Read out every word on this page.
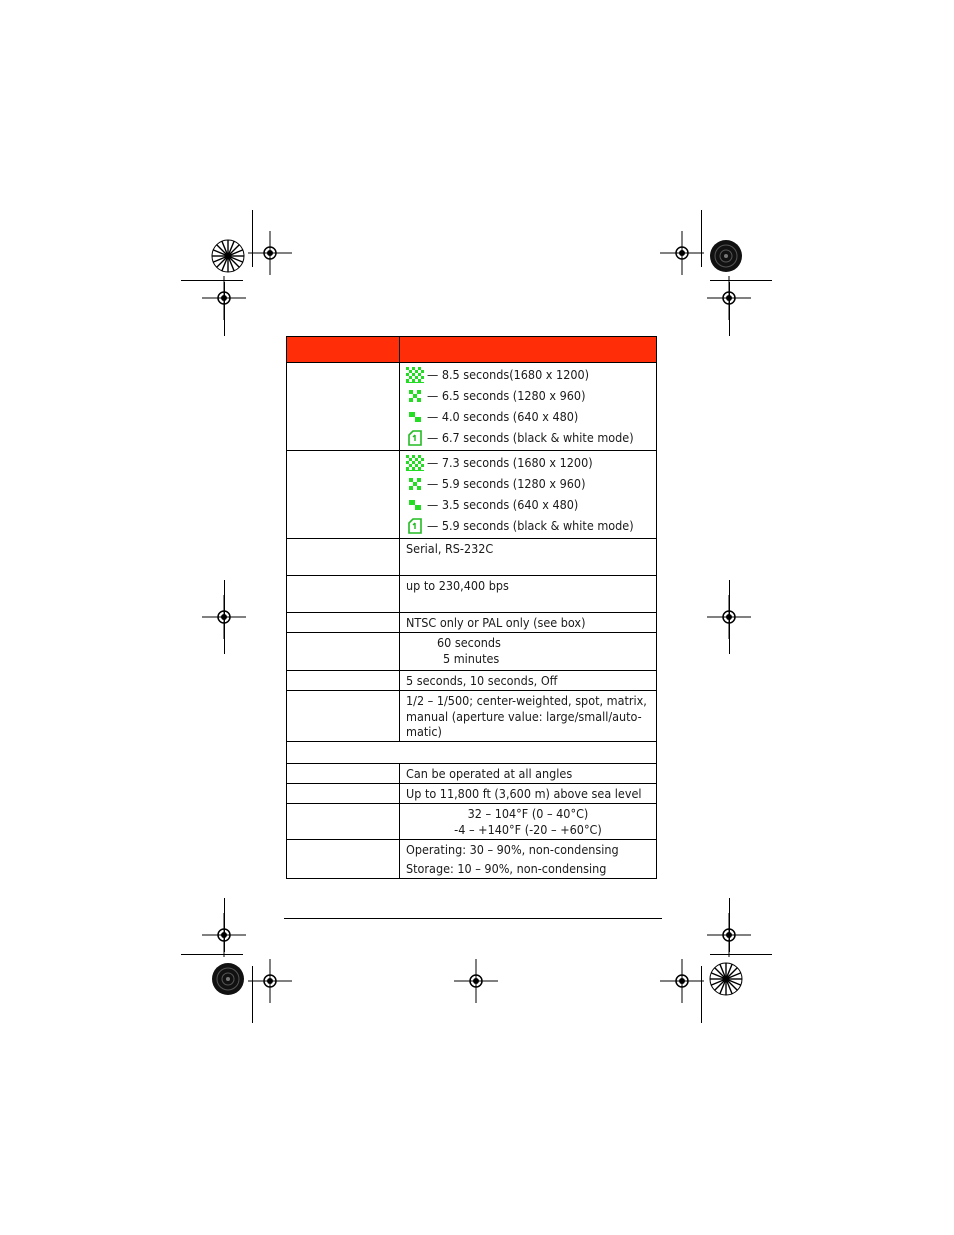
	— 8.5 seconds(1680 x 1200)
— 6.5 seconds (1280 x 960)
— 4.0 seconds (640 x 480)
— 6.7 seconds (black & white mode)

	— 7.3 seconds (1680 x 1200)
— 5.9 seconds (1280 x 960)
— 3.5 seconds (640 x 480)
— 5.9 seconds (black & white mode)

	Serial, RS-232C
	up to 230,400 bps
	NTSC only or PAL only (see box)

	60 seconds
5 minutes

	5 seconds, 10 seconds, Off
	1/2 – 1/500; center-weighted, spot, matrix, manual (aperture value: large/small/auto-matic)

	Can be operated at all angles
	Up to 11,800 ft (3,600 m) above sea level

	32 – 104°F (0 – 40°C)
-4 – +140°F (-20 – +60°C)

	Operating: 30 – 90%, non-condensing
Storage: 10 – 90%, non-condensing
